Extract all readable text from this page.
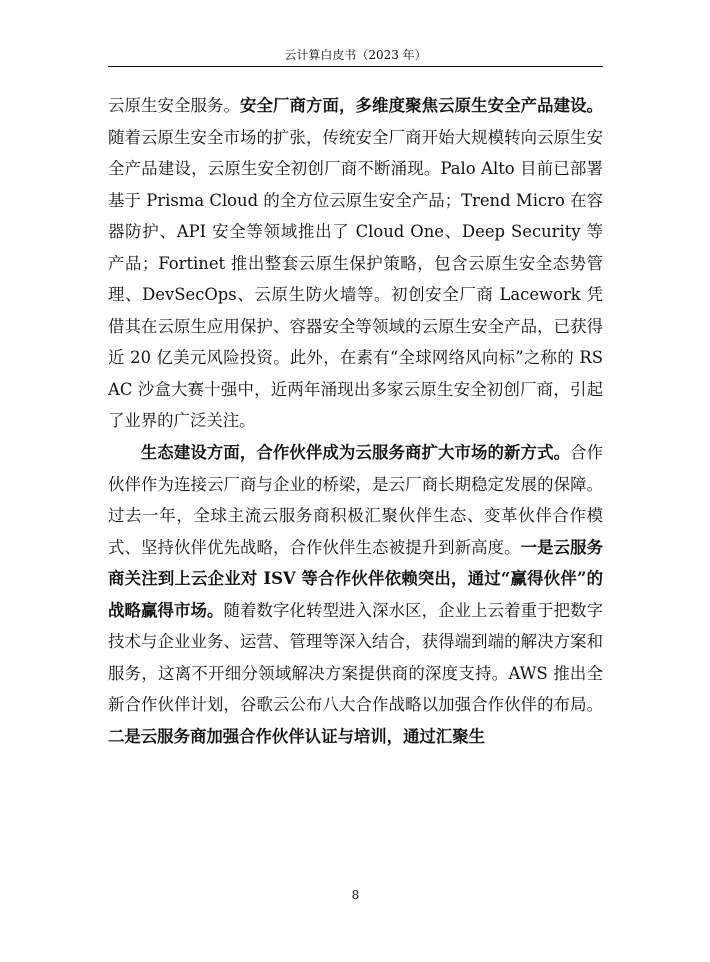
云计算白皮书（2023 年）

云原生安全服务。安全厂商方面，多维度聚焦云原生安全产品建设。随着云原生安全市场的扩张，传统安全厂商开始大规模转向云原生安全产品建设，云原生安全初创厂商不断涌现。Palo Alto 目前已部署基于 Prisma Cloud 的全方位云原生安全产品；Trend Micro 在容器防护、API 安全等领域推出了 Cloud One、Deep Security 等产品；Fortinet 推出整套云原生保护策略，包含云原生安全态势管理、DevSecOps、云原生防火墙等。初创安全厂商 Lacework 凭借其在云原生应用保护、容器安全等领域的云原生安全产品，已获得近 20 亿美元风险投资。此外，在素有“全球网络风向标”之称的 RSAC 沙盒大赛十强中，近两年涌现出多家云原生安全初创厂商，引起了业界的广泛关注。

生态建设方面，合作伙伴成为云服务商扩大市场的新方式。合作伙伴作为连接云厂商与企业的桥梁，是云厂商长期稳定发展的保障。过去一年，全球主流云服务商积极汇聚伙伴生态、变革伙伴合作模式、坚持伙伴优先战略，合作伙伴生态被提升到新高度。一是云服务商关注到上云企业对 ISV 等合作伙伴依赖突出，通过“赢得伙伴”的战略赢得市场。随着数字化转型进入深水区，企业上云着重于把数字技术与企业业务、运营、管理等深入结合，获得端到端的解决方案和服务，这离不开细分领域解决方案提供商的深度支持。AWS 推出全新合作伙伴计划，谷歌云公布八大合作战略以加强合作伙伴的布局。二是云服务商加强合作伙伴认证与培训，通过汇聚生

8
